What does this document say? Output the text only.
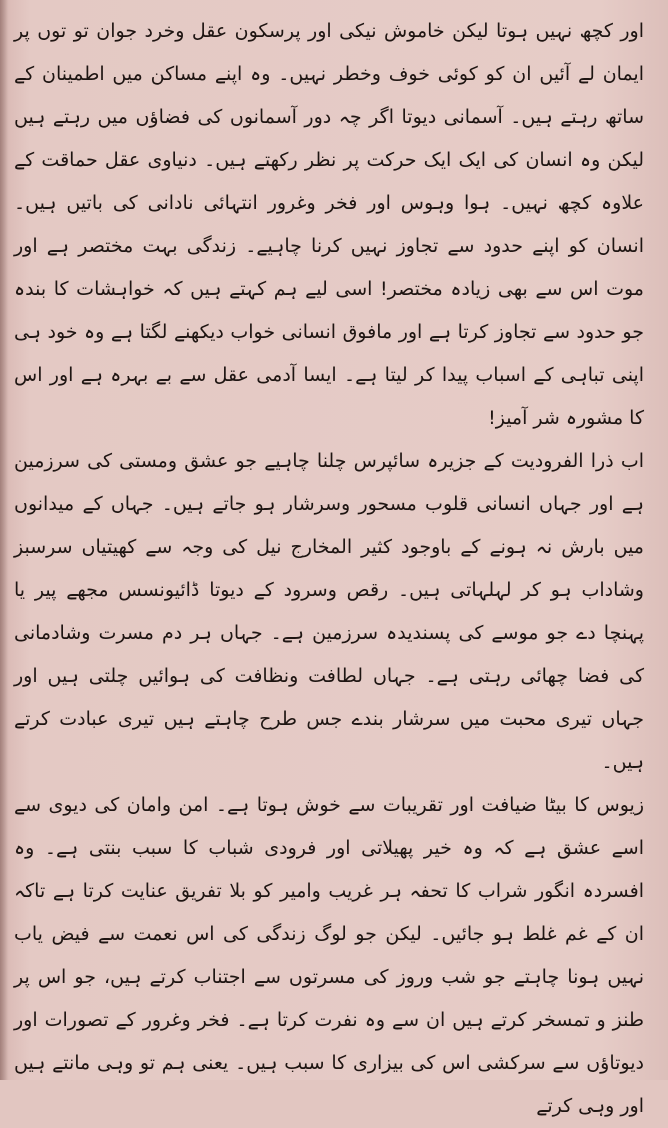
اور کچھ نہیں ہوتا لیکن خاموش نیکی اور پرسکون عقل وخرد جوان تو توں پر ایمان لے آئیں ان کو کوئی خوف وخطر نہیں۔ وہ اپنے مساکن میں اطمینان کے ساتھ رہتے ہیں۔ آسمانی دیوتا اگر چہ دور آسمانوں کی فضاؤں میں رہتے ہیں لیکن وہ انسان کی ایک ایک حرکت پر نظر رکھتے ہیں۔ دنیاوی عقل حماقت کے علاوہ کچھ نہیں۔ ہوا وہوس اور فخر وغرور انتہائی نادانی کی باتیں ہیں۔ انسان کو اپنے حدود سے تجاوز نہیں کرنا چاہیے۔ زندگی بہت مختصر ہے اور موت اس سے بھی زیادہ مختصر! اسی لیے ہم کہتے ہیں کہ خواہشات کا بندہ جو حدود سے تجاوز کرتا ہے اور مافوق انسانی خواب دیکھنے لگتا ہے وہ خود ہی اپنی تباہی کے اسباب پیدا کر لیتا ہے۔ ایسا آدمی عقل سے بے بہرہ ہے اور اس کا مشورہ شر آمیز!

اب ذرا الفرودیت کے جزیرہ سائپرس چلنا چاہیے جو عشق ومستی کی سرزمین ہے اور جہاں انسانی قلوب مسحور وسرشار ہو جاتے ہیں۔ جہاں کے میدانوں میں بارش نہ ہونے کے باوجود کثیر المخارج نیل کی وجہ سے کھیتیاں سرسبز وشاداب ہو کر لہلہاتی ہیں۔ رقص وسرود کے دیوتا ڈائیونسس مجھے پیر یا پہنچا دے جو موسے کی پسندیدہ سرزمین ہے۔ جہاں ہر دم مسرت وشادمانی کی فضا چھائی رہتی ہے۔ جہاں لطافت ونظافت کی ہوائیں چلتی ہیں اور جہاں تیری محبت میں سرشار بندے جس طرح چاہتے ہیں تیری عبادت کرتے ہیں۔

زیوس کا بیٹا ضیافت اور تقریبات سے خوش ہوتا ہے۔ امن وامان کی دیوی سے اسے عشق ہے کہ وہ خیر پھیلاتی اور فرودی شباب کا سبب بنتی ہے۔ وہ افسردہ انگور شراب کا تحفہ ہر غریب وامیر کو بلا تفریق عنایت کرتا ہے تاکہ ان کے غم غلط ہو جائیں۔ لیکن جو لوگ زندگی کی اس نعمت سے فیض یاب نہیں ہونا چاہتے جو شب وروز کی مسرتوں سے اجتناب کرتے ہیں، جو اس پر طنز و تمسخر کرتے ہیں ان سے وہ نفرت کرتا ہے۔ فخر وغرور کے تصورات اور دیوتاؤں سے سرکشی اس کی بیزاری کا سبب ہیں۔ یعنی ہم تو وہی مانتے ہیں اور وہی کرتے
